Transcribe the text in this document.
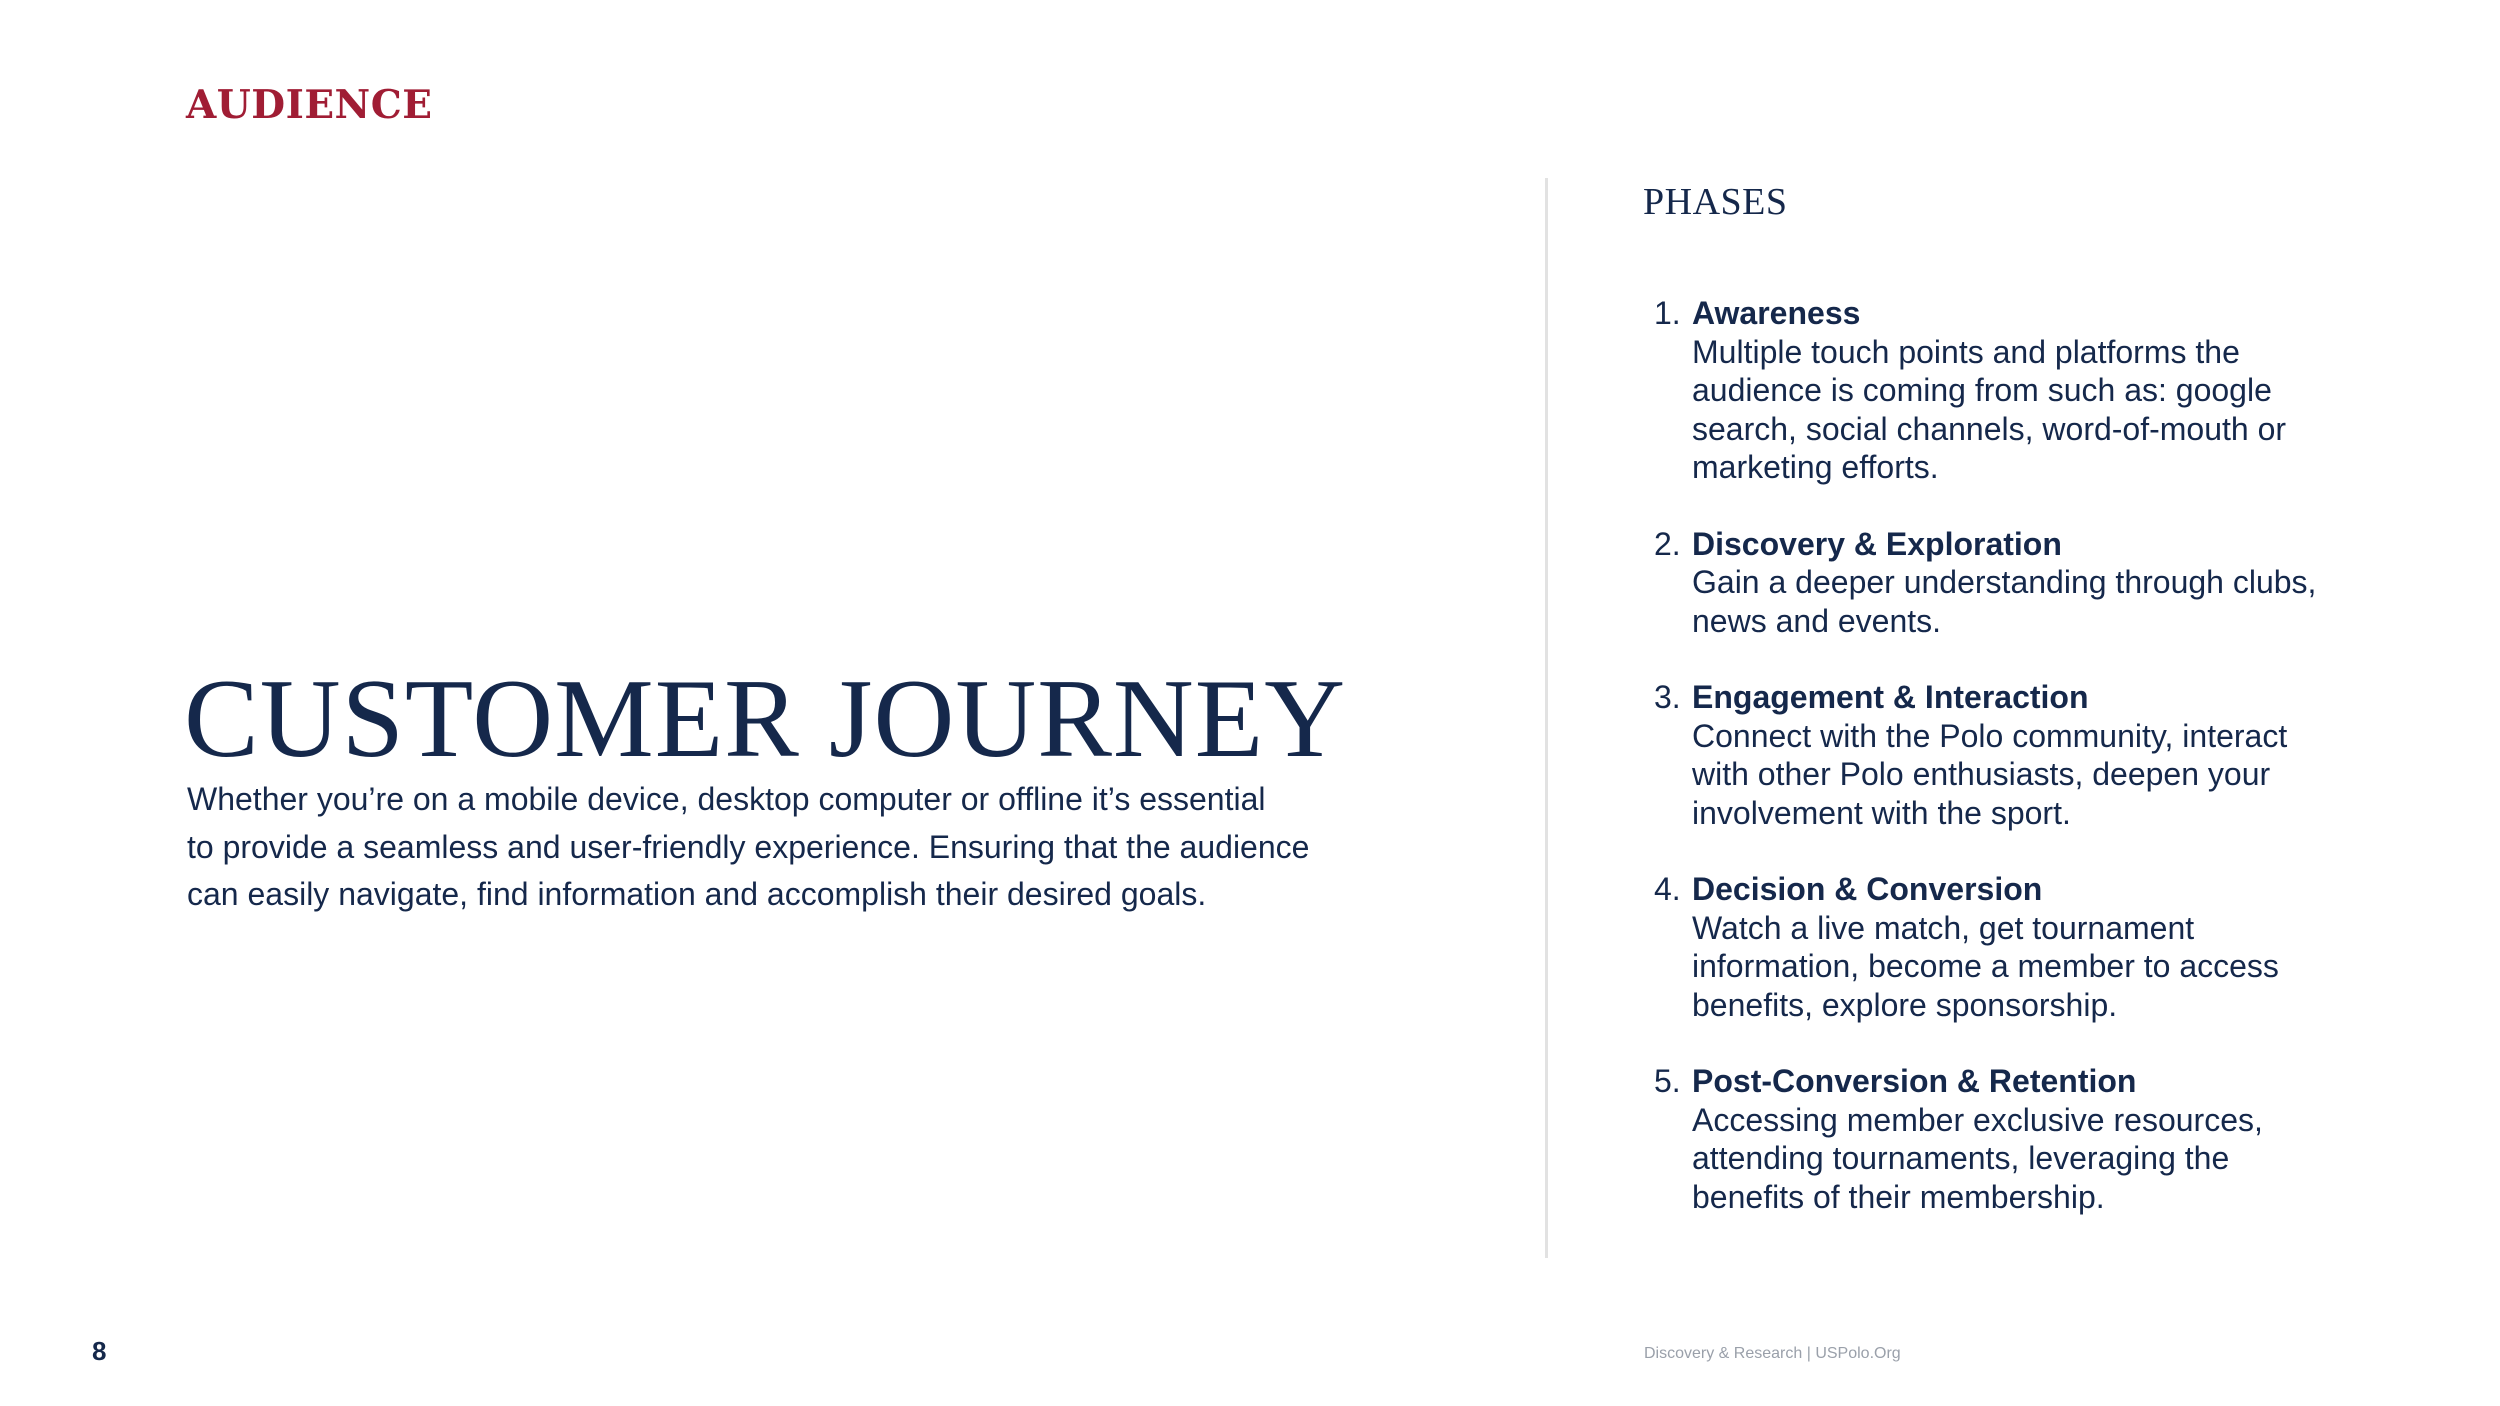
AUDIENCE
CUSTOMER JOURNEY

Whether you’re on a mobile device, desktop computer or offline it’s essential
to provide a seamless and user-friendly experience. Ensuring that the audience
can easily navigate, find information and accomplish their desired goals.

PHASES
1. Awareness
Multiple touch points and platforms the
audience is coming from such as: google
search, social channels, word-of-mouth or
marketing efforts.
2. Discovery & Exploration
Gain a deeper understanding through clubs,
news and events.
3. Engagement & Interaction
Connect with the Polo community, interact
with other Polo enthusiasts, deepen your
involvement with the sport.
4. Decision & Conversion
Watch a live match, get tournament
information, become a member to access
benefits, explore sponsorship.
5. Post-Conversion & Retention
Accessing member exclusive resources,
attending tournaments, leveraging the
benefits of their membership.
8	Discovery & Research | USPolo.Org
